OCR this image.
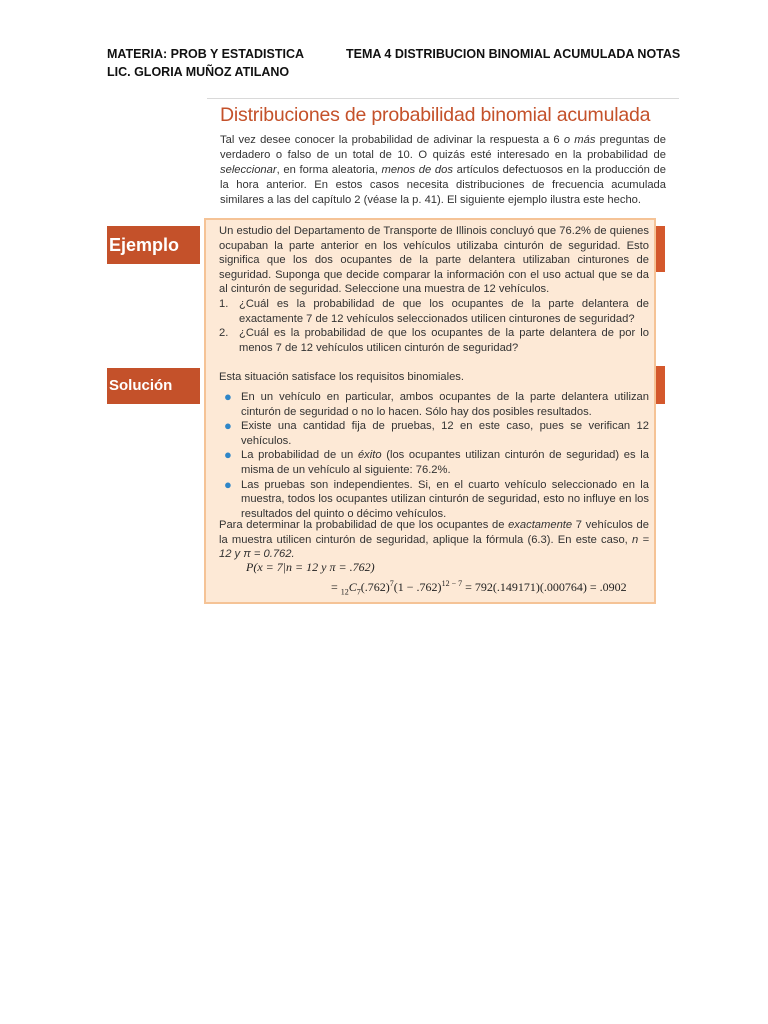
MATERIA: PROB Y ESTADISTICA	TEMA 4 DISTRIBUCION BINOMIAL ACUMULADA NOTAS
LIC. GLORIA MUÑOZ ATILANO
Distribuciones de probabilidad binomial acumulada
Tal vez desee conocer la probabilidad de adivinar la respuesta a 6 o más preguntas de verdadero o falso de un total de 10. O quizás esté interesado en la probabilidad de seleccionar, en forma aleatoria, menos de dos artículos defectuosos en la producción de la hora anterior. En estos casos necesita distribuciones de frecuencia acumulada similares a las del capítulo 2 (véase la p. 41). El siguiente ejemplo ilustra este hecho.
Ejemplo
Solución
Un estudio del Departamento de Transporte de Illinois concluyó que 76.2% de quienes ocupaban la parte anterior en los vehículos utilizaba cinturón de seguridad. Esto significa que los dos ocupantes de la parte delantera utilizaban cinturones de seguridad. Suponga que decide comparar la información con el uso actual que se da al cinturón de seguridad. Seleccione una muestra de 12 vehículos.
1. ¿Cuál es la probabilidad de que los ocupantes de la parte delantera de exactamente 7 de 12 vehículos seleccionados utilicen cinturones de seguridad?
2. ¿Cuál es la probabilidad de que los ocupantes de la parte delantera de por lo menos 7 de 12 vehículos utilicen cinturón de seguridad?
Esta situación satisface los requisitos binomiales.
● En un vehículo en particular, ambos ocupantes de la parte delantera utilizan cinturón de seguridad o no lo hacen. Sólo hay dos posibles resultados.
● Existe una cantidad fija de pruebas, 12 en este caso, pues se verifican 12 vehículos.
● La probabilidad de un éxito (los ocupantes utilizan cinturón de seguridad) es la misma de un vehículo al siguiente: 76.2%.
● Las pruebas son independientes. Si, en el cuarto vehículo seleccionado en la muestra, todos los ocupantes utilizan cinturón de seguridad, esto no influye en los resultados del quinto o décimo vehículos.
Para determinar la probabilidad de que los ocupantes de exactamente 7 vehículos de la muestra utilicen cinturón de seguridad, aplique la fórmula (6.3). En este caso, n = 12 y π = 0.762.
P(x = 7|n = 12 y π = .762)
= $_{12}C_7(.762)^7(1 - .762)^{12 - 7} = 792(.149171)(.000764) = .0902$
